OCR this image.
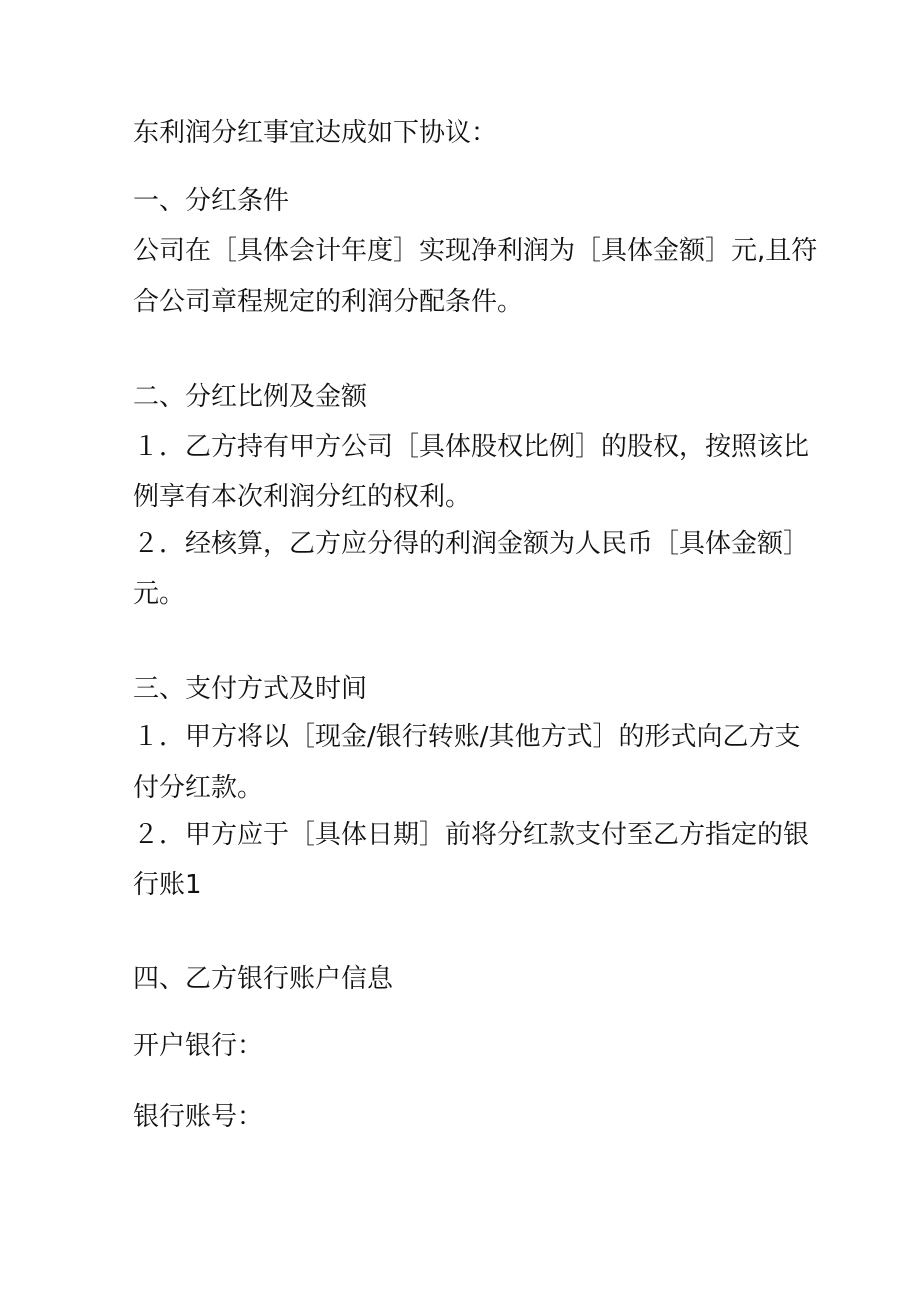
东利润分红事宜达成如下协议：
一、分红条件
公司在［具体会计年度］实现净利润为［具体金额］元,且符
合公司章程规定的利润分配条件。
二、分红比例及金额
１．乙方持有甲方公司［具体股权比例］的股权，按照该比
例享有本次利润分红的权利。
２．经核算，乙方应分得的利润金额为人民币［具体金额］
元。
三、支付方式及时间
１．甲方将以［现金/银行转账/其他方式］的形式向乙方支
付分红款。
２．甲方应于［具体日期］前将分红款支付至乙方指定的银
行账1
四、乙方银行账户信息
开户银行：
银行账号：
